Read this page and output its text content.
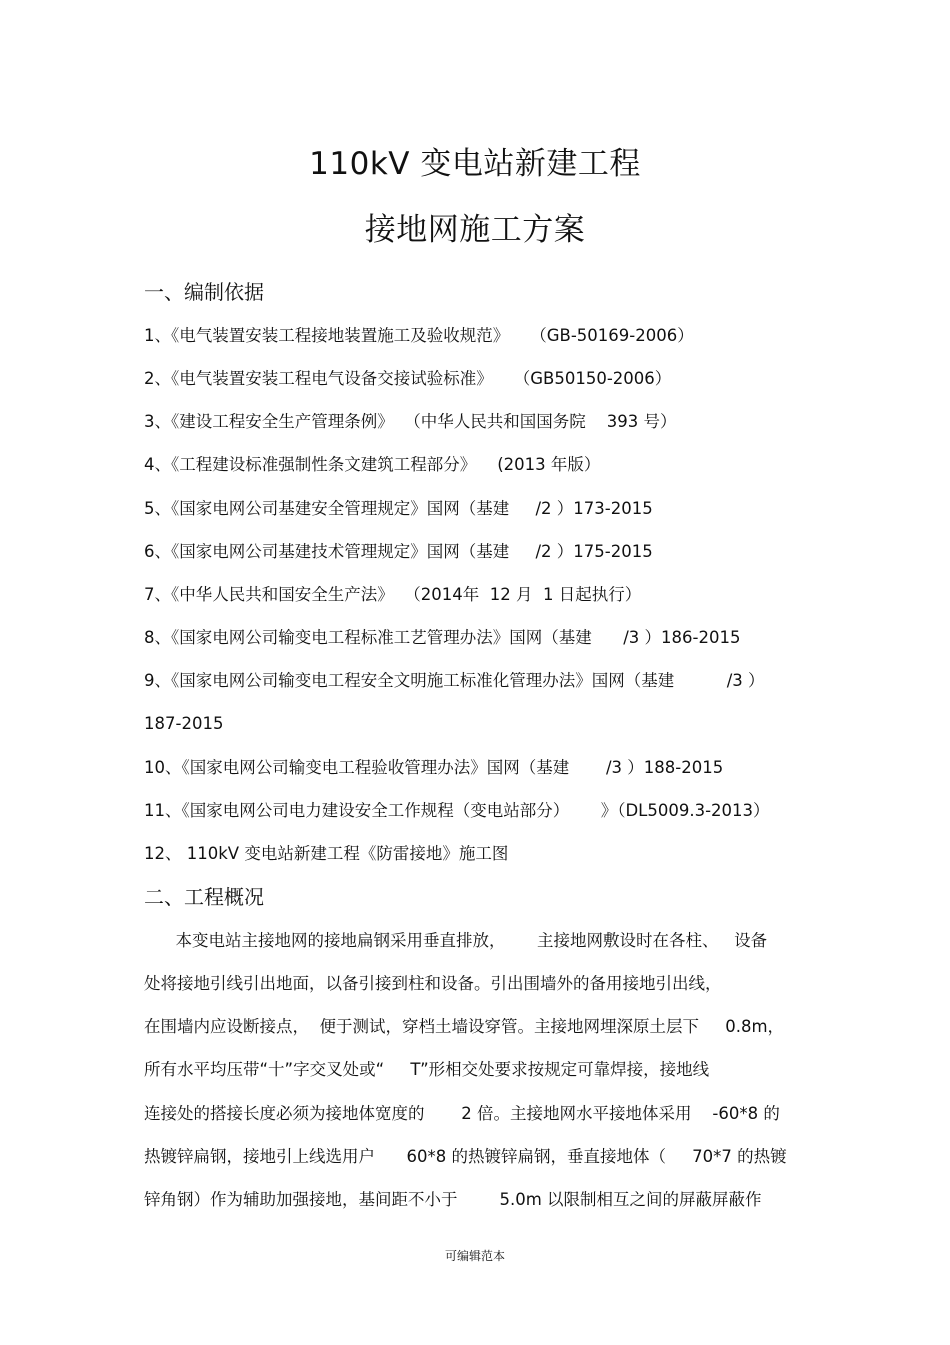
110kV 变电站新建工程
接地网施工方案
一、编制依据
1、《电气装置安装工程接地装置施工及验收规范》    （GB-50169-2006）
2、《电气装置安装工程电气设备交接试验标准》    （GB50150-2006）
3、《建设工程安全生产管理条例》  （中华人民共和国国务院    393 号）
4、《工程建设标准强制性条文建筑工程部分》    (2013 年版）
5、《国家电网公司基建安全管理规定》国网（基建     /2 ）173-2015
6、《国家电网公司基建技术管理规定》国网（基建     /2 ）175-2015
7、《中华人民共和国安全生产法》  （2014年  12 月  1 日起执行）
8、《国家电网公司输变电工程标准工艺管理办法》国网（基建      /3 ）186-2015
9、《国家电网公司输变电工程安全文明施工标准化管理办法》国网（基建          /3 ）
187-2015
10、《国家电网公司输变电工程验收管理办法》国网（基建       /3 ）188-2015
11、《国家电网公司电力建设安全工作规程（变电站部分）      》（DL5009.3-2013）
12、 110kV 变电站新建工程《防雷接地》施工图
二、工程概况
本变电站主接地网的接地扁钢采用垂直排放，      主接地网敷设时在各柱、   设备
处将接地引线引出地面，以备引接到柱和设备。引出围墙外的备用接地引出线，
在围墙内应设断接点，  便于测试，穿档土墙设穿管。主接地网埋深原土层下     0.8m，
所有水平均压带“十”字交叉处或“     T”形相交处要求按规定可靠焊接，接地线
连接处的搭接长度必须为接地体宽度的       2 倍。主接地网水平接地体采用    -60*8 的
热镀锌扁钢，接地引上线选用户      60*8 的热镀锌扁钢，垂直接地体（     70*7 的热镀
锌角钢）作为辅助加强接地，基间距不小于        5.0m 以限制相互之间的屏蔽屏蔽作
可编辑范本
